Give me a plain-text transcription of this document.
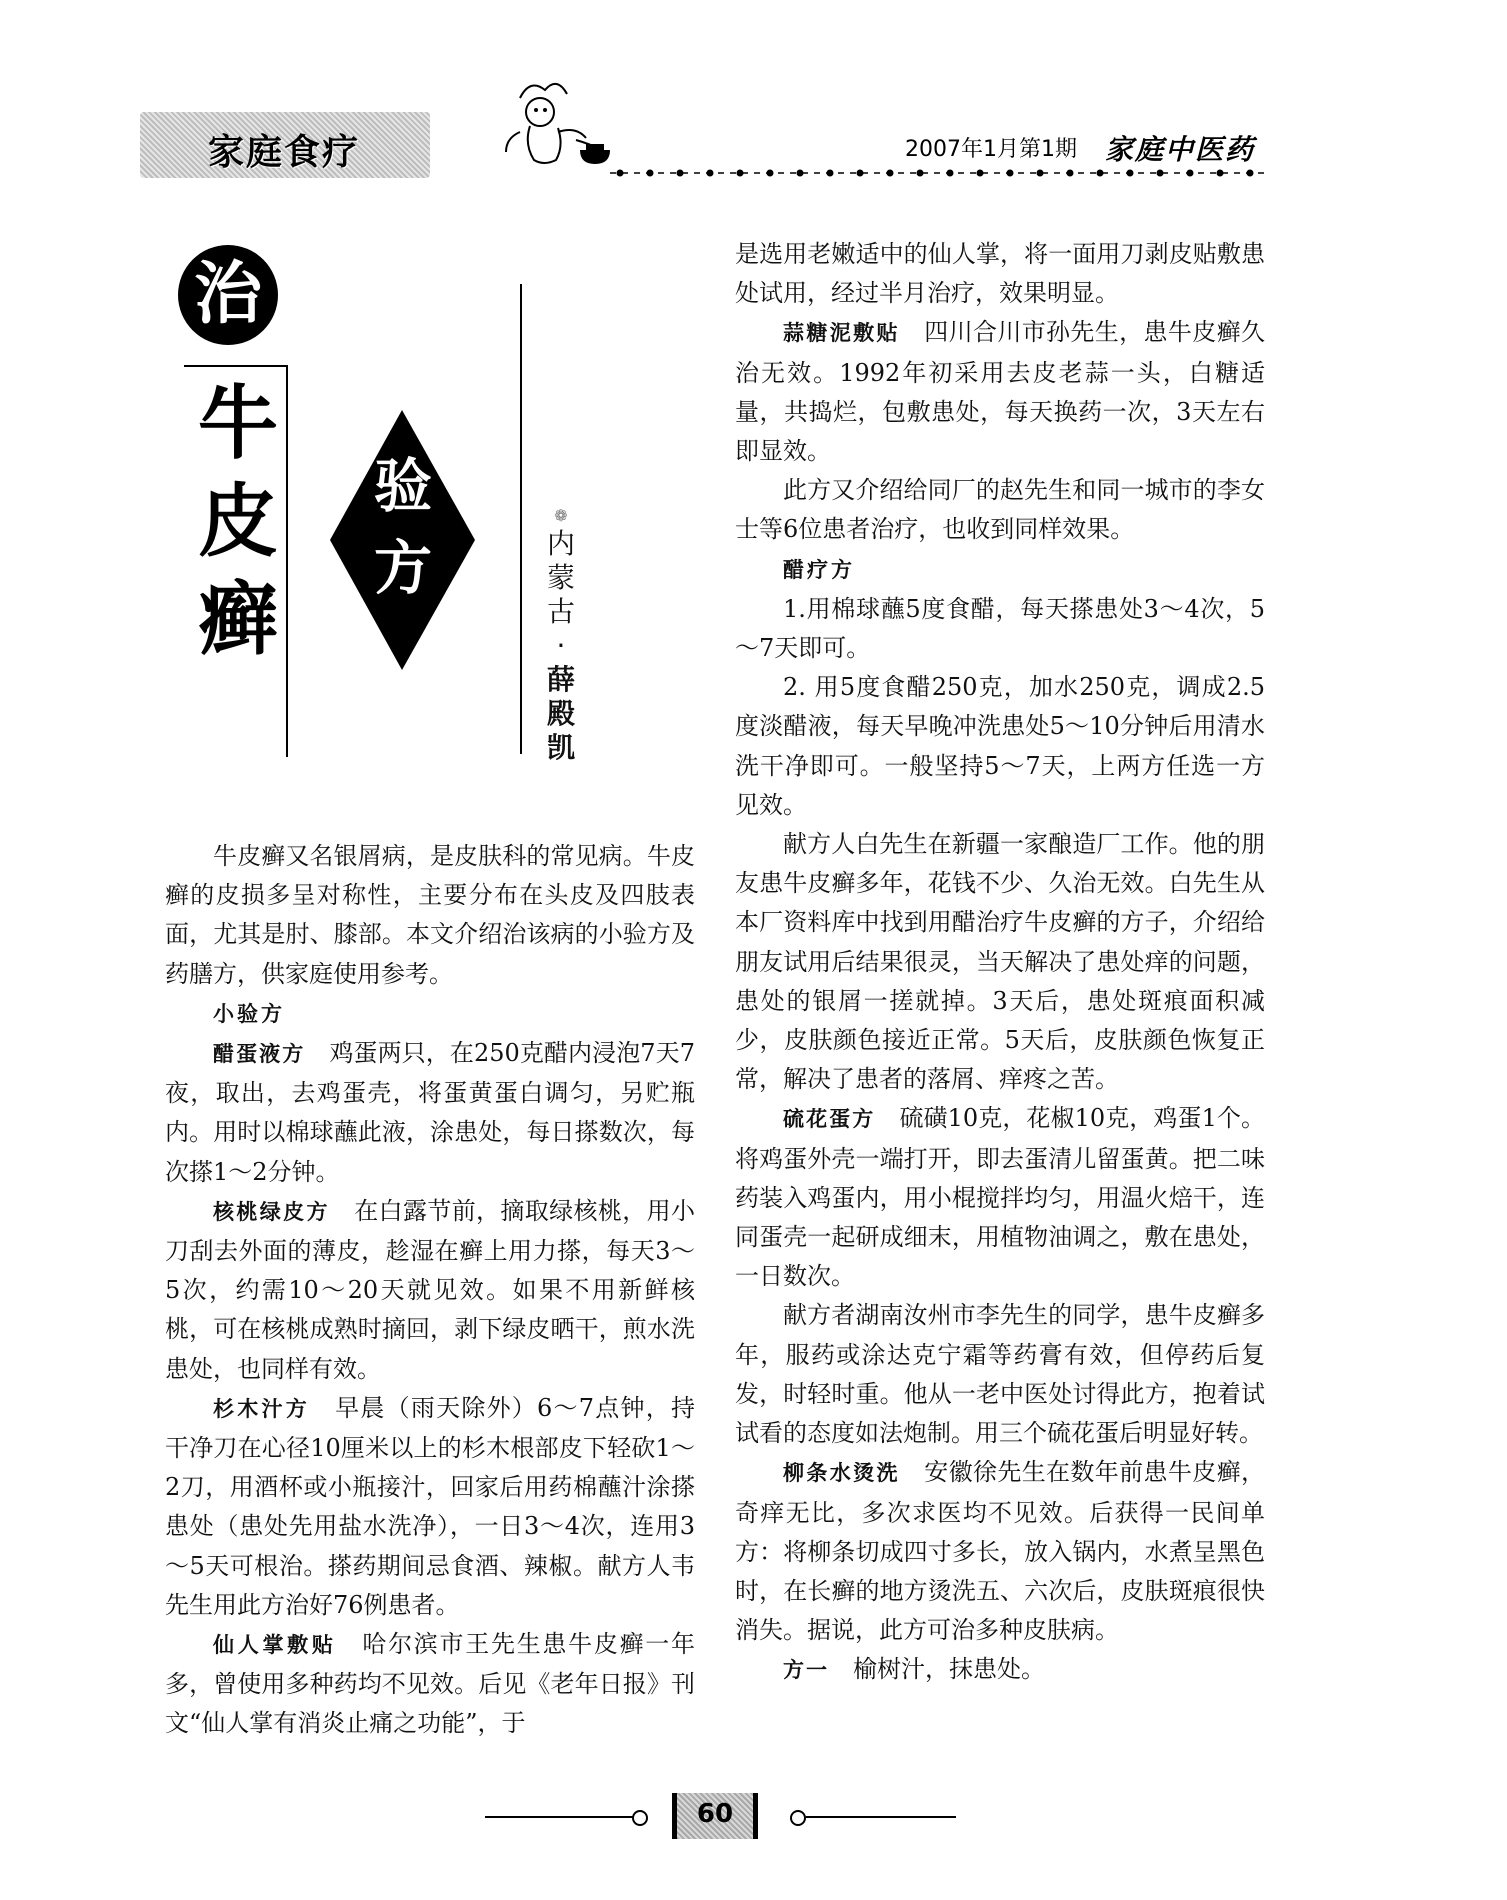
家庭食疗	2007年1月第1期 家庭中医药
治
牛
皮
癣
验
方
❁
内
蒙
古
·
薛
殿
凯

牛皮癣又名银屑病，是皮肤科的常见病。牛皮癣的皮损多呈对称性，主要分布在头皮及四肢表面，尤其是肘、膝部。本文介绍治该病的小验方及药膳方，供家庭使用参考。

小验方

醋蛋液方　 鸡蛋两只，在250克醋内浸泡7天7夜，取出，去鸡蛋壳，将蛋黄蛋白调匀，另贮瓶内。用时以棉球蘸此液，涂患处，每日搽数次，每次搽1～2分钟。

核桃绿皮方　 在白露节前，摘取绿核桃，用小刀刮去外面的薄皮，趁湿在癣上用力搽，每天3～5次，约需10～20天就见效。如果不用新鲜核桃，可在核桃成熟时摘回，剥下绿皮晒干，煎水洗患处，也同样有效。

杉木汁方　 早晨（雨天除外）6～7点钟，持干净刀在心径10厘米以上的杉木根部皮下轻砍1～2刀，用酒杯或小瓶接汁，回家后用药棉蘸汁涂搽患处（患处先用盐水洗净），一日3～4次，连用3～5天可根治。搽药期间忌食酒、辣椒。献方人韦先生用此方治好76例患者。

仙人掌敷贴　 哈尔滨市王先生患牛皮癣一年多，曾使用多种药均不见效。后见《老年日报》刊文“仙人掌有消炎止痛之功能”，于

是选用老嫩适中的仙人掌，将一面用刀剥皮贴敷患处试用，经过半月治疗，效果明显。

蒜糖泥敷贴　 四川合川市孙先生，患牛皮癣久治无效。1992年初采用去皮老蒜一头，白糖适量，共捣烂，包敷患处，每天换药一次，3天左右即显效。

此方又介绍给同厂的赵先生和同一城市的李女士等6位患者治疗，也收到同样效果。

醋疗方

1.用棉球蘸5度食醋，每天搽患处3～4次，5～7天即可。

2. 用5度食醋250克，加水250克，调成2.5度淡醋液，每天早晚冲洗患处5～10分钟后用清水洗干净即可。一般坚持5～7天，上两方任选一方见效。

献方人白先生在新疆一家酿造厂工作。他的朋友患牛皮癣多年，花钱不少、久治无效。白先生从本厂资料库中找到用醋治疗牛皮癣的方子，介绍给朋友试用后结果很灵，当天解决了患处痒的问题，患处的银屑一搓就掉。3天后，患处斑痕面积减少，皮肤颜色接近正常。5天后，皮肤颜色恢复正常，解决了患者的落屑、痒疼之苦。

硫花蛋方　 硫磺10克，花椒10克，鸡蛋1个。将鸡蛋外壳一端打开，即去蛋清儿留蛋黄。把二味药装入鸡蛋内，用小棍搅拌均匀，用温火焙干，连同蛋壳一起研成细末，用植物油调之，敷在患处，一日数次。

献方者湖南汝州市李先生的同学，患牛皮癣多年，服药或涂达克宁霜等药膏有效，但停药后复发，时轻时重。他从一老中医处讨得此方，抱着试试看的态度如法炮制。用三个硫花蛋后明显好转。

柳条水烫洗　 安徽徐先生在数年前患牛皮癣，奇痒无比，多次求医均不见效。后获得一民间单方：将柳条切成四寸多长，放入锅内，水煮呈黑色时，在长癣的地方烫洗五、六次后，皮肤斑痕很快消失。据说，此方可治多种皮肤病。

方一　 榆树汁，抹患处。

60
